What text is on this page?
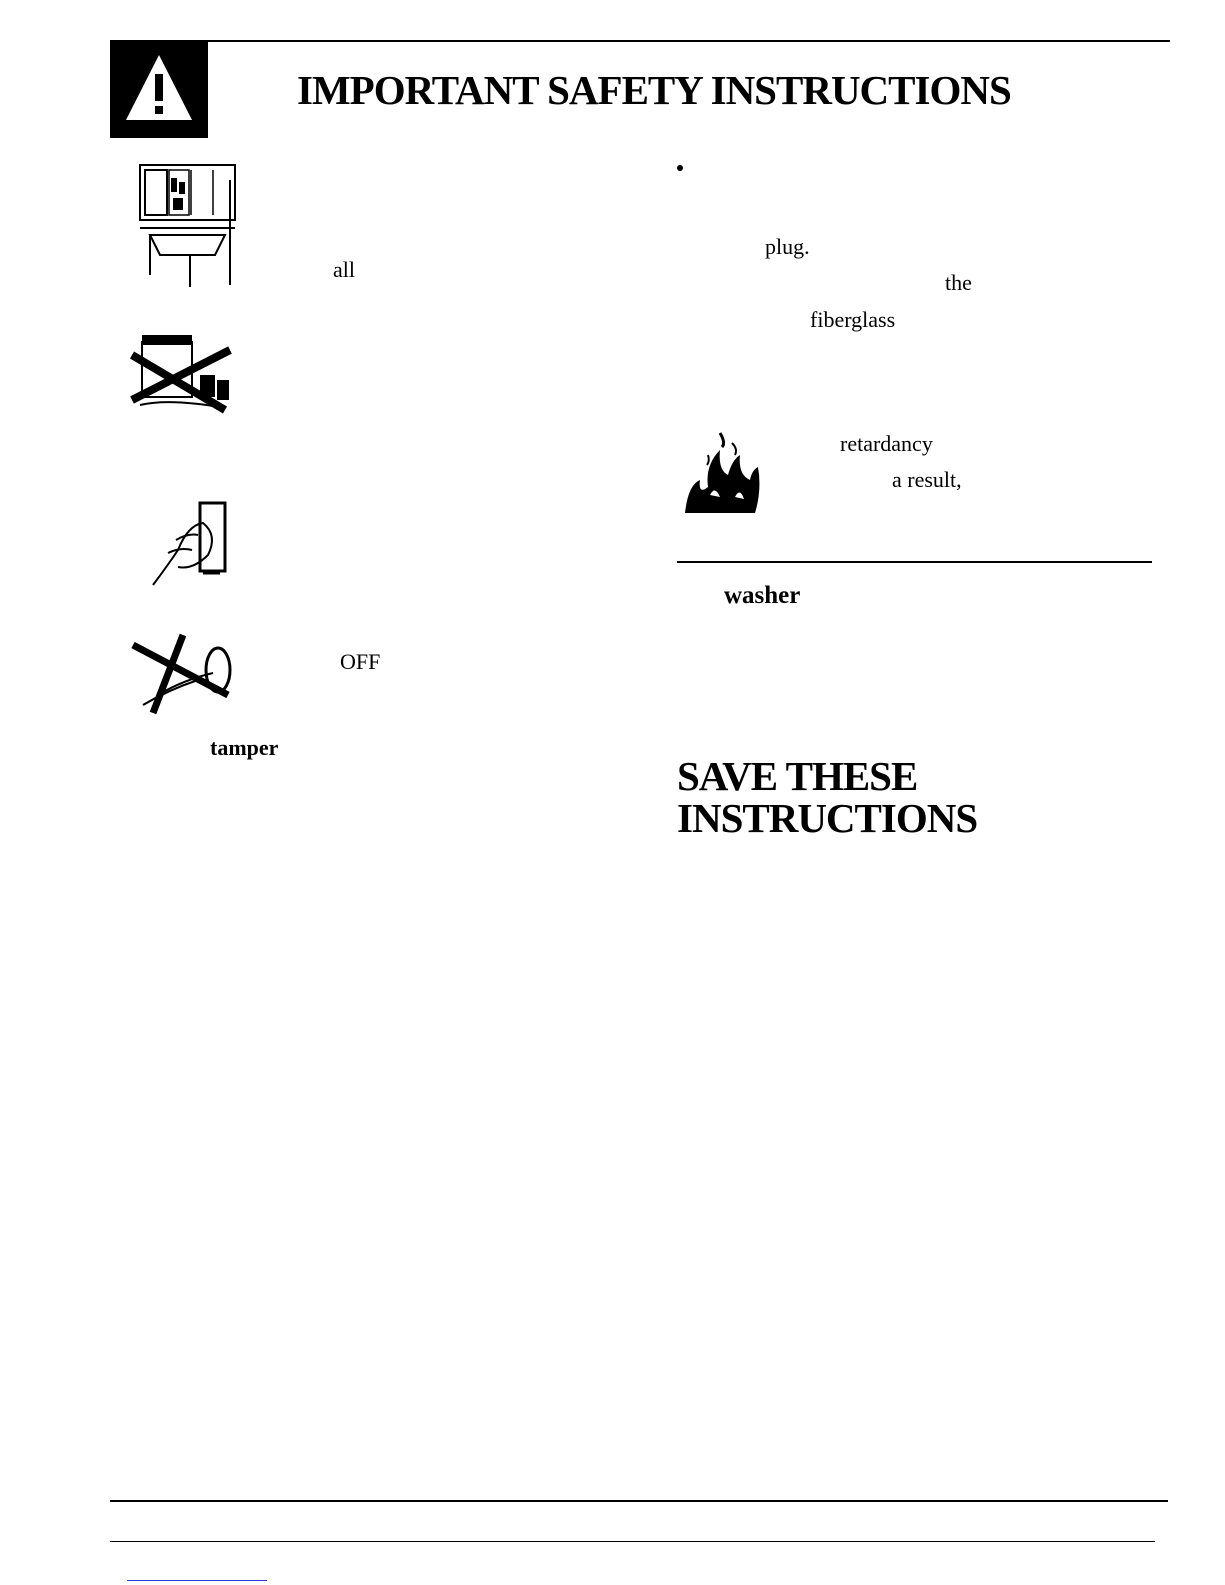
IMPORTANT SAFETY INSTRUCTIONS
all
OFF
tamper
plug.
the
fiberglass
retardancy
a result,
washer
SAVE THESE
INSTRUCTIONS
